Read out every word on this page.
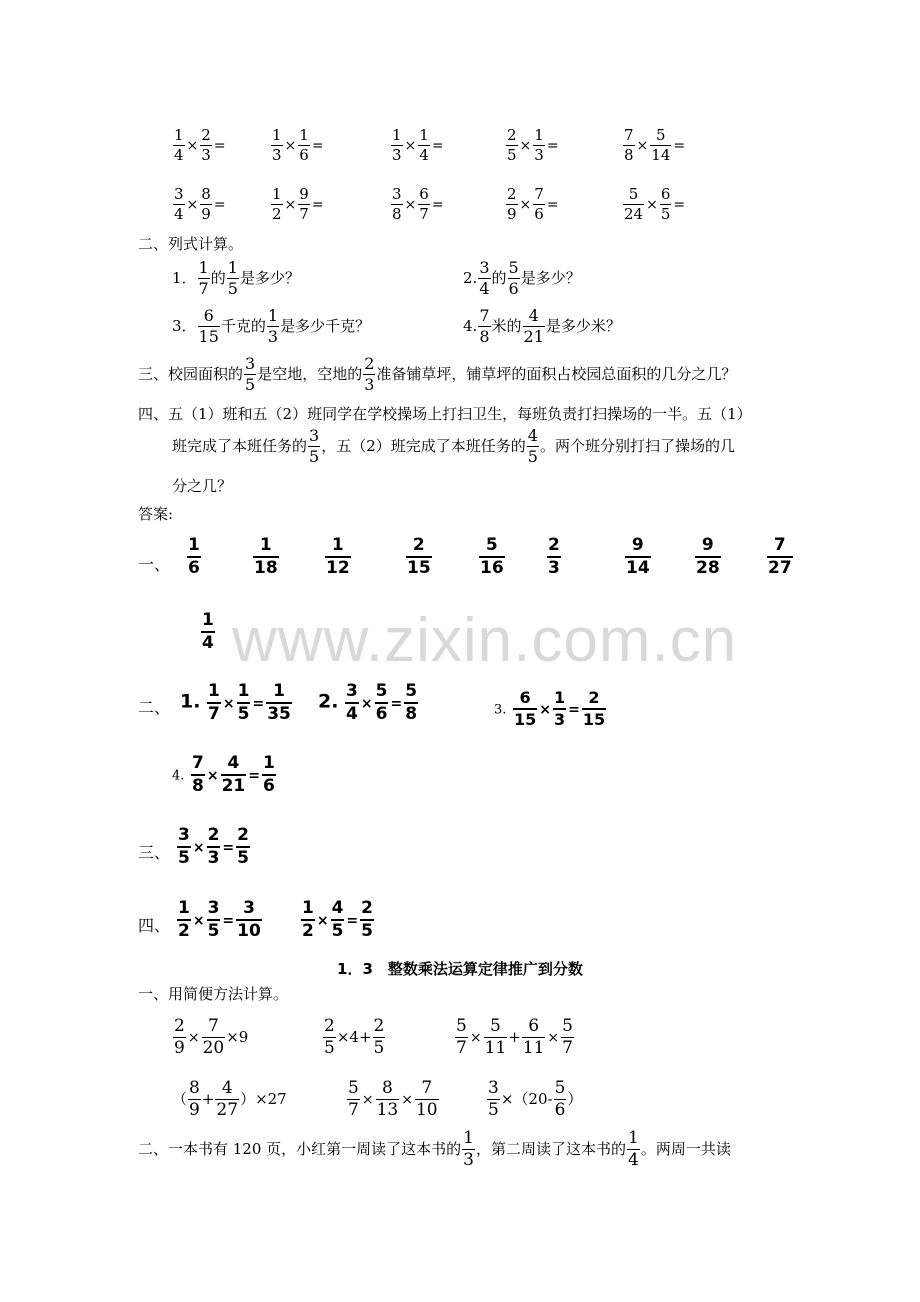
$\frac{1}{4} \times \frac{2}{3}$ =	$\frac{1}{3} \times \frac{1}{6}$ =	$\frac{1}{3} \times \frac{1}{4}$ =	$\frac{2}{5} \times \frac{1}{3}$ =	$\frac{7}{8} \times \frac{5}{14}$ =
$\frac{3}{4} \times \frac{8}{9}$ =	$\frac{1}{2} \times \frac{9}{7}$ =	$\frac{3}{8} \times \frac{6}{7}$ =	$\frac{2}{9} \times \frac{7}{6}$ =	$\frac{5}{24} \times \frac{6}{5}$ =
二、列式计算。
1． $\frac{1}{7}$ 的 $\frac{1}{5}$ 是多少？	2. $\frac{3}{4}$ 的 $\frac{5}{6}$ 是多少？
3． $\frac{6}{15}$ 千克的 $\frac{1}{3}$ 是多少千克？	4. $\frac{7}{8}$ 米的 $\frac{4}{21}$ 是多少米？
三、校园面积的 $\frac{3}{5}$ 是空地，空地的 $\frac{2}{3}$ 准备铺草坪，铺草坪的面积占校园总面积的几分之几？
四、五（1）班和五（2）班同学在学校操场上打扫卫生，每班负责打扫操场的一半。五（1）
班完成了本班任务的 $\frac{3}{5}$ ，五（2）班完成了本班任务的 $\frac{4}{5}$ 。两个班分别打扫了操场的几
分之几？
答案:
一、 $\frac{1}{6}$	$\frac{1}{18}$	$\frac{1}{12}$	$\frac{2}{15}$	$\frac{5}{16} \frac{2}{3}$	$\frac{9}{14}$	$\frac{9}{28}$	$\frac{7}{27}$
$\frac{1}{4}$ www.zixin.com.cn
二、 1. $\frac{1}{7} \times \frac{1}{5} = \frac{1}{35} 2$. $\frac{3}{4} \times \frac{5}{6} = \frac{5}{8}$	3. $\frac{6}{15} \times \frac{1}{3} = \frac{2}{15}$
4. $\frac{7}{8} \times \frac{4}{21} = \frac{1}{6}$
三、 $\frac{3}{5} \times \frac{2}{3} = \frac{2}{5}$
四、 $\frac{1}{2} \times \frac{3}{5} = \frac{3}{10} \frac{1}{2} \times \frac{4}{5} = \frac{2}{5}$
1．3　整数乘法运算定律推广到分数
一、用简便方法计算。
$\frac{2}{9} \times \frac{7}{20} \times 9$	$\frac{2}{5} \times 4+ \frac{2}{5}$	$\frac{5}{7} \times \frac{5}{11} + \frac{6}{11} \times \frac{5}{7}$
（ $\frac{8}{9} + \frac{4}{27} )\times 27$	$\frac{5}{7} \times \frac{8}{13} \times \frac{7}{10}$	$\frac{3}{5} \times(20- \frac{5}{6}$ ）
二、一本书有 120 页，小红第一周读了这本书的 $\frac{1}{3}$ ，第二周读了这本书的 $\frac{1}{4}$ 。两周一共读
